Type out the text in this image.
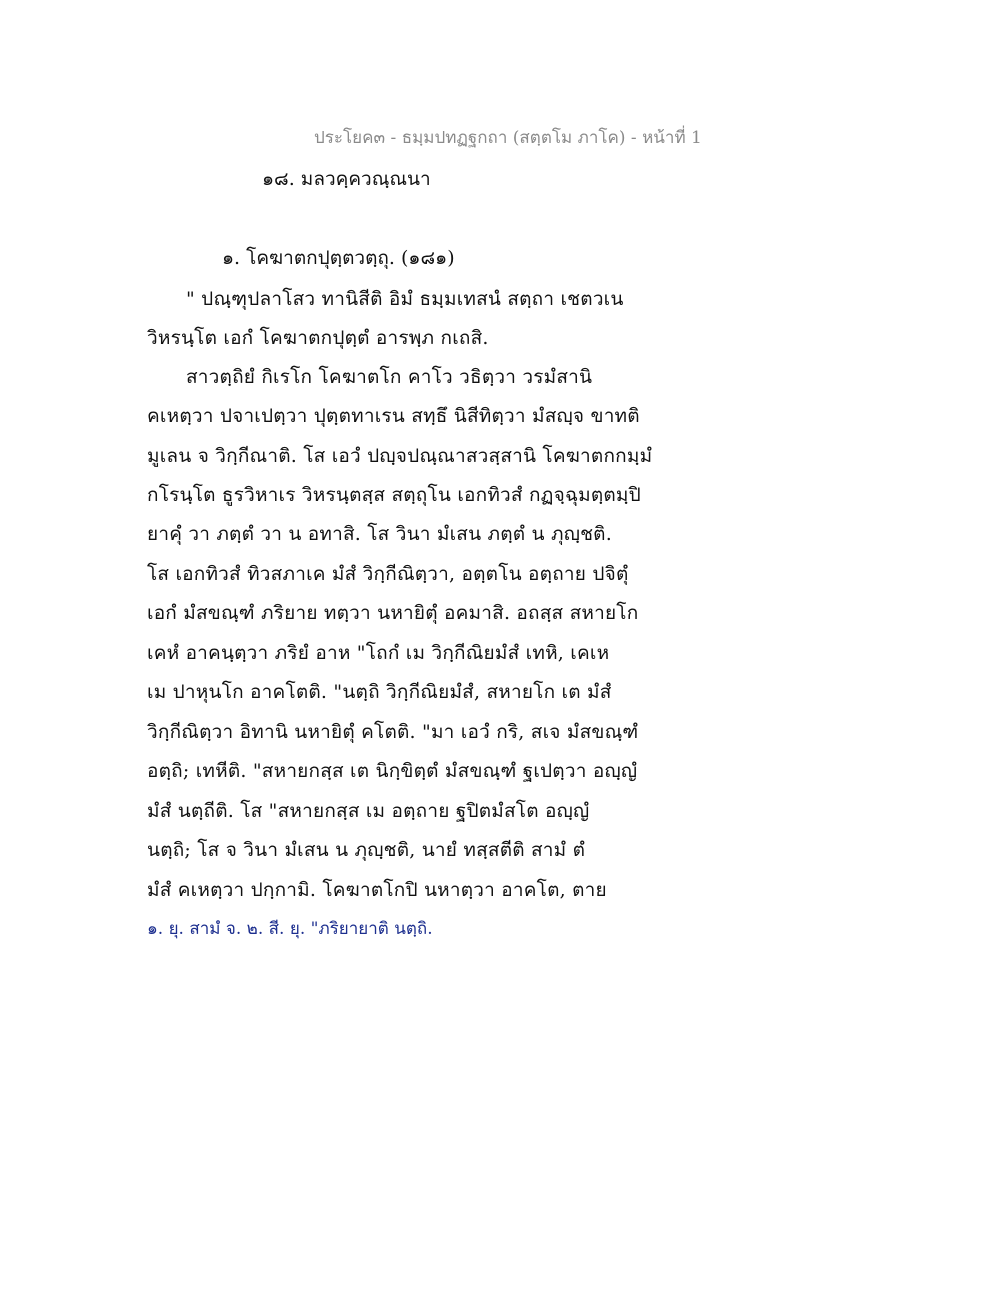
ประโยค๓ - ธมฺมปทฏฐกถา (สตฺตโม ภาโค) - หน้าที่ 1
๑๘. มลวคฺควณฺณนา
๑. โคฆาตกปุตฺตวตฺถุ. (๑๘๑)
" ปณฺฑุปลาโสว ทานิสีติ อิมํ ธมฺมเทสนํ สตฺถา เชตวเน
วิหรนฺโต เอกํ โคฆาตกปุตฺตํ อารพฺภ กเถสิ.
สาวตฺถิยํ กิเรโก โคฆาตโก คาโว วธิตฺวา วรมํสานิ
คเหตฺวา ปจาเปตฺวา ปุตฺตทาเรน สทฺธึ นิสีทิตฺวา มํสญฺจ ขาทติ
มูเลน จ วิกฺกีณาติ. โส เอวํ ปญฺจปณฺณาสวสฺสานิ โคฆาตกกมฺมํ
กโรนฺโต ธูรวิหาเร วิหรนฺตสฺส สตฺถุโน เอกทิวสํ กฏจฺฉุมตฺตมฺปิ
ยาคุํ วา ภตฺตํ วา น อทาสิ. โส วินา มํเสน ภตฺตํ น ภุญฺชติ.
โส เอกทิวสํ ทิวสภาเค มํสํ วิกฺกีณิตฺวา, อตฺตโน อตฺถาย ปจิตุํ
เอกํ มํสขณฺฑํ ภริยาย ทตฺวา นหายิตุํ อคมาสิ. อถสฺส สหายโก
เคหํ อาคนฺตฺวา ภริยํ อาห "โถกํ เม วิกฺกีณิยมํสํ เทหิ, เคเห
เม ปาหุนโก อาคโตติ. "นตฺถิ วิกฺกีณิยมํสํ, สหายโก เต มํสํ
วิกฺกีณิตฺวา อิทานิ นหายิตุํ คโตติ. "มา เอวํ กริ, สเจ มํสขณฺฑํ
อตฺถิ; เทหีติ. "สหายกสฺส เต นิกฺขิตฺตํ มํสขณฺฑํ ฐเปตฺวา อญฺญํ
มํสํ นตฺถีติ. โส "สหายกสฺส เม อตฺถาย ฐปิตมํสโต อญฺญํ
นตฺถิ; โส จ วินา มํเสน น ภุญฺชติ, นายํ ทสฺสตีติ สามํ ตํ
มํสํ คเหตฺวา ปกฺกามิ. โคฆาตโกปิ นหาตฺวา อาคโต, ตาย
๑. ยุ. สามํ จ. ๒. สี. ยุ. "ภริยายาติ นตฺถิ.
